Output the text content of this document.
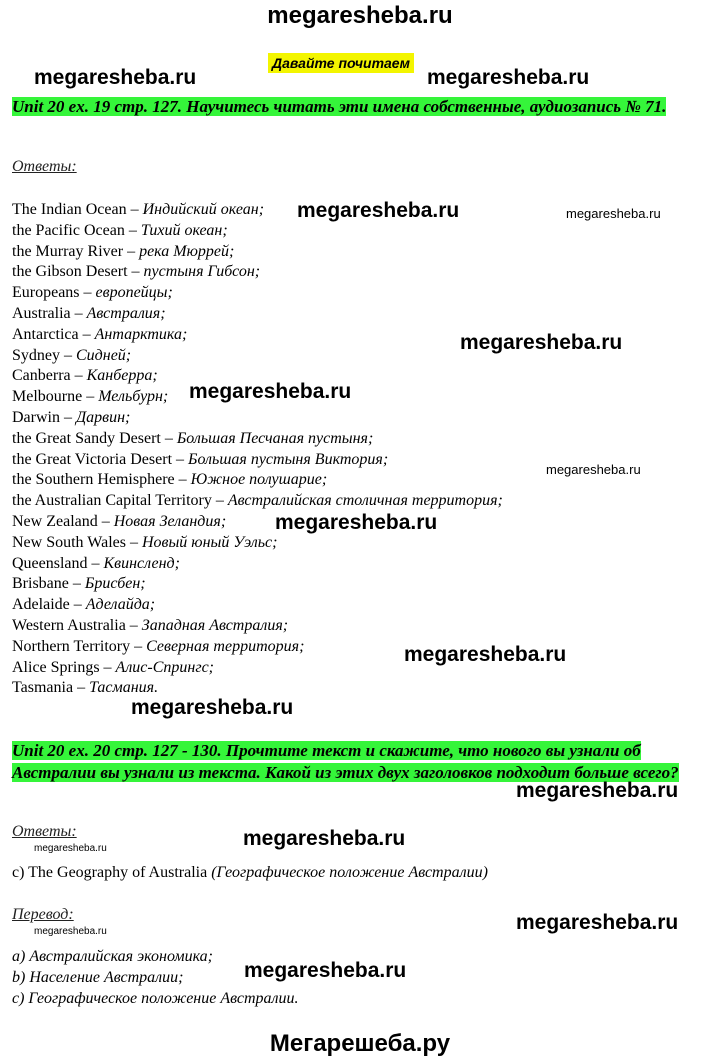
megaresheba.ru
Давайте почитаем
megaresheba.ru	megaresheba.ru
Unit 20 ex. 19 стр. 127. Научитесь читать эти имена собственные, аудиозапись № 71.
Ответы:
The Indian Ocean – Индийский океан;
the Pacific Ocean – Тихий океан;
the Murray River – река Мюррей;
the Gibson Desert – пустыня Гибсон;
Europeans – европейцы;
Australia – Австралия;
Antarctica – Антарктика;
Sydney – Сидней;
Canberra – Канберра;
Melbourne – Мельбурн;
Darwin – Дарвин;
the Great Sandy Desert – Большая Песчаная пустыня;
the Great Victoria Desert – Большая пустыня Виктория;
the Southern Hemisphere – Южное полушарие;
the Australian Capital Territory – Австралийская столичная территория;
New Zealand – Новая Зеландия;
New South Wales – Новый юный Уэльс;
Queensland – Квинсленд;
Brisbane – Брисбен;
Adelaide – Аделайда;
Western Australia – Западная Австралия;
Northern Territory – Северная территория;
Alice Springs – Алис-Спрингс;
Tasmania – Тасмания.
megaresheba.ru	megaresheba.ru
megaresheba.ru
megaresheba.ru
megaresheba.ru
megaresheba.ru
megaresheba.ru
megaresheba.ru
Unit 20 ex. 20 стр. 127 - 130. Прочтите текст и скажите, что нового вы узнали об Австралии вы узнали из текста. Какой из этих двух заголовков подходит больше всего?
megaresheba.ru
Ответы:
megaresheba.ru	megaresheba.ru
c) The Geography of Australia (Географическое положение Австралии)
Перевод:
megaresheba.ru	megaresheba.ru
a) Австралийская экономика;
b) Население Австралии;
c) Географическое положение Австралии.
megaresheba.ru
Мегарешеба.ру
